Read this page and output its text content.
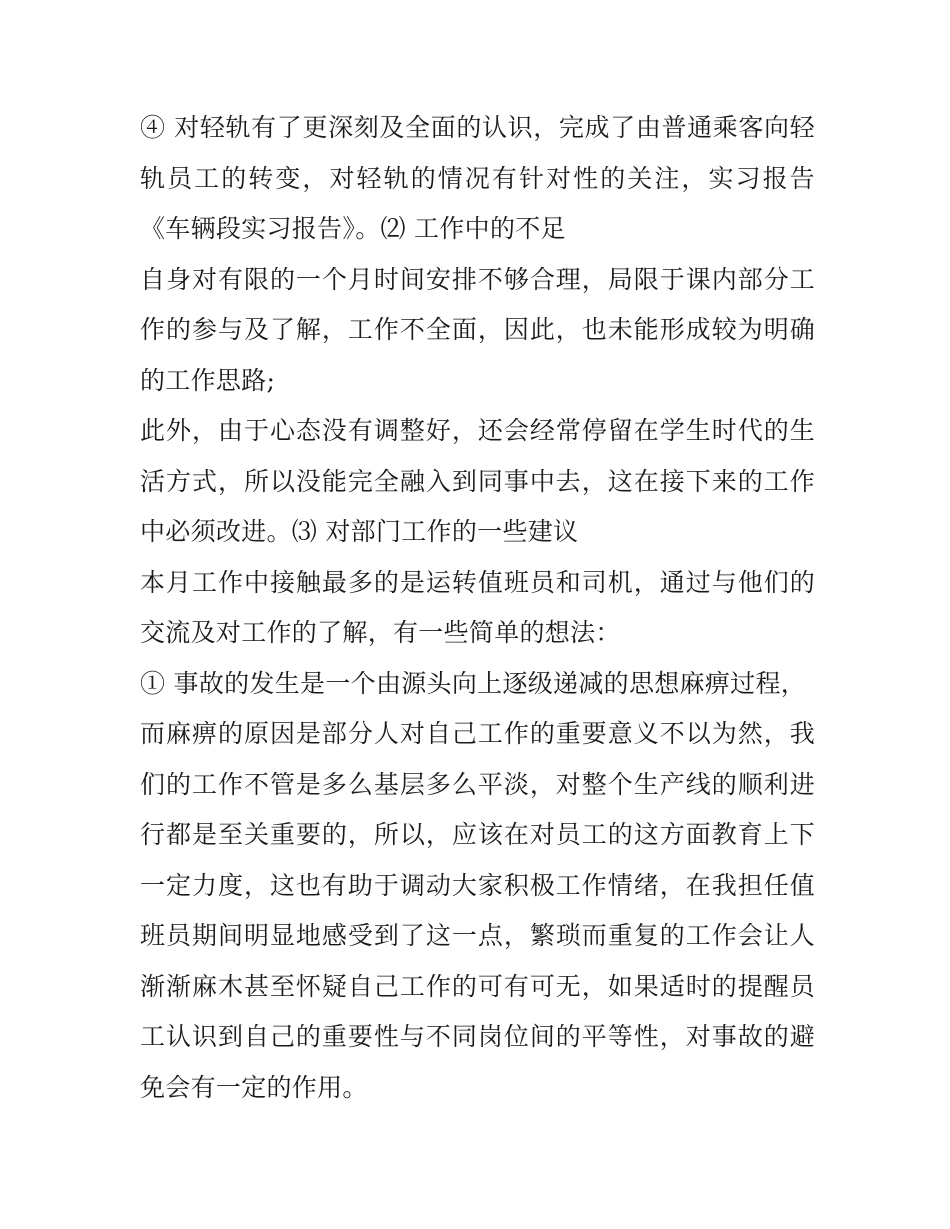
④ 对轻轨有了更深刻及全面的认识，完成了由普通乘客向轻轨员工的转变，对轻轨的情况有针对性的关注，实习报告《车辆段实习报告》。⑵ 工作中的不足

自身对有限的一个月时间安排不够合理，局限于课内部分工作的参与及了解，工作不全面，因此，也未能形成较为明确的工作思路;

此外，由于心态没有调整好，还会经常停留在学生时代的生活方式，所以没能完全融入到同事中去，这在接下来的工作中必须改进。⑶ 对部门工作的一些建议

本月工作中接触最多的是运转值班员和司机，通过与他们的交流及对工作的了解，有一些简单的想法：

① 事故的发生是一个由源头向上逐级递减的思想麻痹过程，

而麻痹的原因是部分人对自己工作的重要意义不以为然，我们的工作不管是多么基层多么平淡，对整个生产线的顺利进行都是至关重要的，所以，应该在对员工的这方面教育上下一定力度，这也有助于调动大家积极工作情绪，在我担任值班员期间明显地感受到了这一点，繁琐而重复的工作会让人渐渐麻木甚至怀疑自己工作的可有可无，如果适时的提醒员工认识到自己的重要性与不同岗位间的平等性，对事故的避免会有一定的作用。
